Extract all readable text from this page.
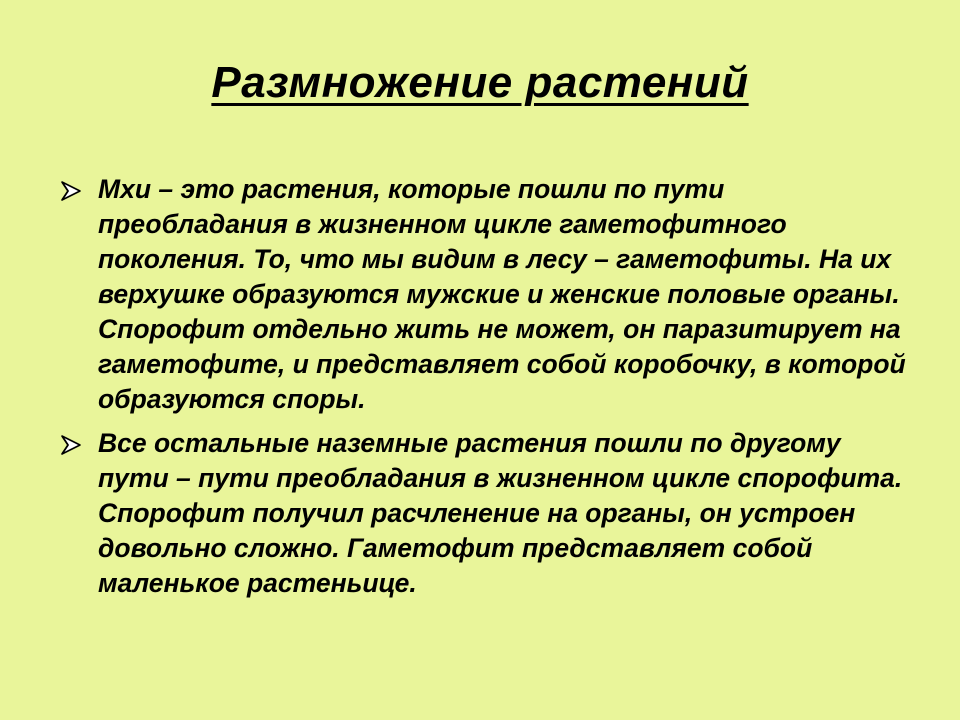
Размножение растений
Мхи – это растения, которые пошли по пути преобладания в жизненном цикле гаметофитного поколения. То, что мы видим в лесу – гаметофиты. На их верхушке образуются мужские и женские половые органы. Спорофит отдельно жить не может, он паразитирует на гаметофите, и представляет собой коробочку, в которой образуются споры.
Все остальные наземные растения пошли по другому пути – пути преобладания в жизненном цикле спорофита. Спорофит получил расчленение на органы, он устроен довольно сложно. Гаметофит представляет собой маленькое растеньице.
